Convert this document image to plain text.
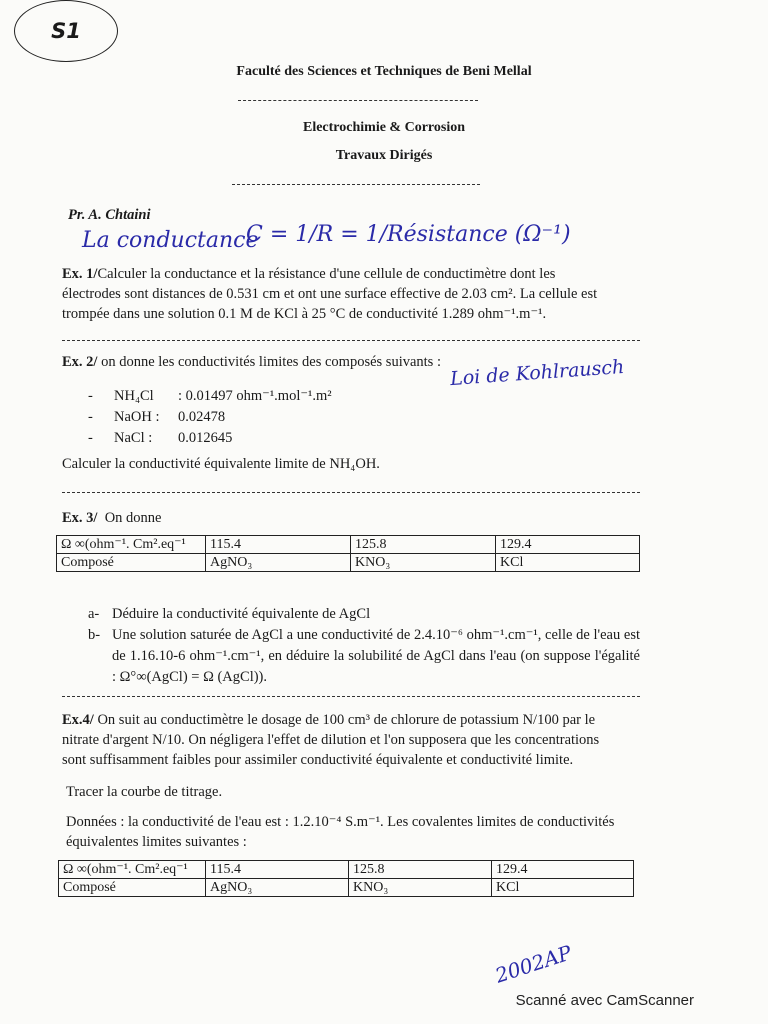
S1
Faculté des Sciences et Techniques de Beni Mellal
Electrochimie & Corrosion
Travaux Dirigés
Pr. A. Chtaini
La conductance
C = 1/R = 1/Résistance (Ω⁻¹)
Ex. 1/Calculer la conductance et la résistance d'une cellule de conductimètre dont les
électrodes sont distances de 0.531 cm et ont une surface effective de 2.03 cm². La cellule est
trompée dans une solution 0.1 M de KCl à 25 °C de conductivité 1.289 ohm⁻¹.m⁻¹.
Ex. 2/ on donne les conductivités limites des composés suivants : Loi de Kohlrausch
- NH₄Cl : 0.01497 ohm⁻¹.mol⁻¹.m²
- NaOH : 0.02478
- NaCl : 0.012645
Calculer la conductivité équivalente limite de NH₄OH.
Ex. 3/ On donne
Ω ∞(ohm⁻¹. Cm².eq⁻¹	115.4	125.8	129.4
Composé	AgNO₃	KNO₃	KCl
a- Déduire la conductivité équivalente de AgCl
b- Une solution saturée de AgCl a une conductivité de 2.4.10⁻⁶ ohm⁻¹.cm⁻¹, celle de l'eau est de 1.16.10-6 ohm⁻¹.cm⁻¹, en déduire la solubilité de AgCl dans l'eau (on suppose l'égalité : Ω°∞(AgCl) = Ω (AgCl)).
Ex.4/ On suit au conductimètre le dosage de 100 cm³ de chlorure de potassium N/100 par le
nitrate d'argent N/10. On négligera l'effet de dilution et l'on supposera que les concentrations
sont suffisamment faibles pour assimiler conductivité équivalente et conductivité limite.
Tracer la courbe de titrage.
Données : la conductivité de l'eau est : 1.2.10⁻⁴ S.m⁻¹. Les covalentes limites de conductivités
équivalentes limites suivantes :
Ω ∞(ohm⁻¹. Cm².eq⁻¹	115.4	125.8	129.4
Composé	AgNO₃	KNO₃	KCl
2002AP
Scanné avec CamScanner
